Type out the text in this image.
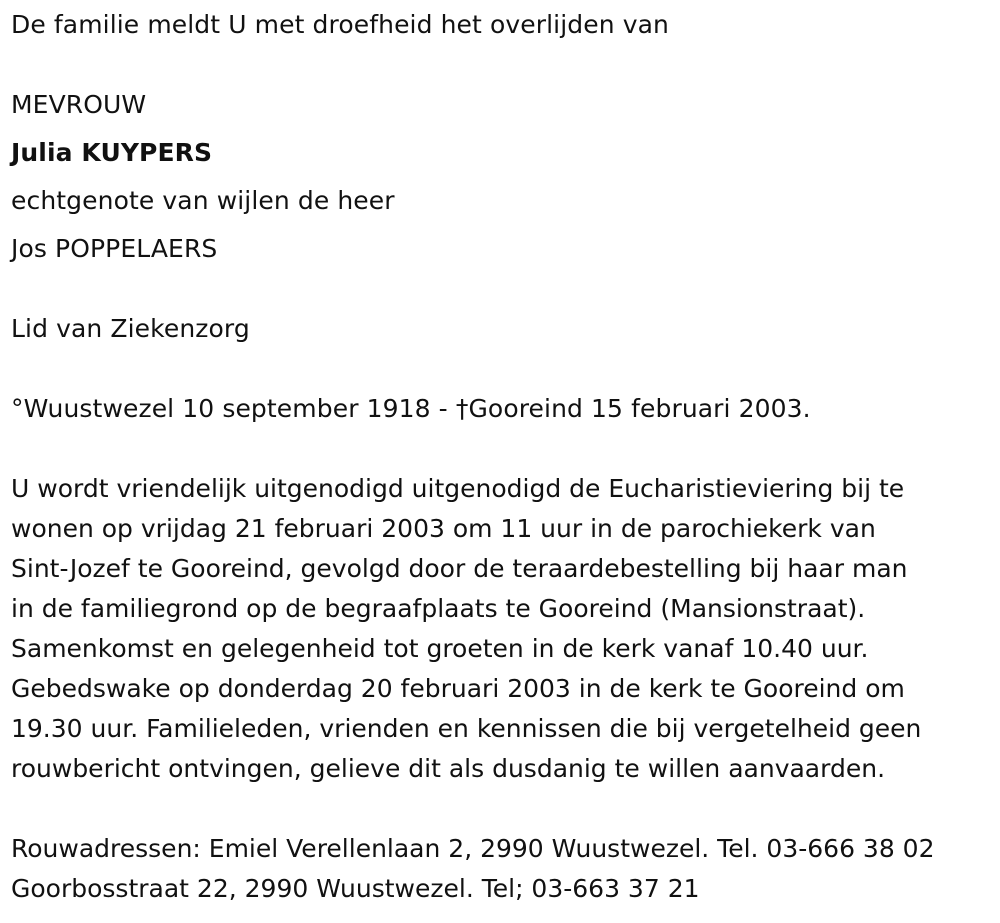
De familie meldt U met droefheid het overlijden van
MEVROUW
Julia KUYPERS
echtgenote van wijlen de heer
Jos POPPELAERS
Lid van Ziekenzorg
°Wuustwezel 10 september 1918 - †Gooreind 15 februari 2003.
U wordt vriendelijk uitgenodigd uitgenodigd de Eucharistieviering bij te
wonen op vrijdag 21 februari 2003 om 11 uur in de parochiekerk van
Sint-Jozef te Gooreind, gevolgd door de teraardebestelling bij haar man
in de familiegrond op de begraafplaats te Gooreind (Mansionstraat).
Samenkomst en gelegenheid tot groeten in de kerk vanaf 10.40 uur.
Gebedswake op donderdag 20 februari 2003 in de kerk te Gooreind om
19.30 uur. Familieleden, vrienden en kennissen die bij vergetelheid geen
rouwbericht ontvingen, gelieve dit als dusdanig te willen aanvaarden.
Rouwadressen: Emiel Verellenlaan 2, 2990 Wuustwezel. Tel. 03-666 38 02
Goorbosstraat 22, 2990 Wuustwezel. Tel; 03-663 37 21
